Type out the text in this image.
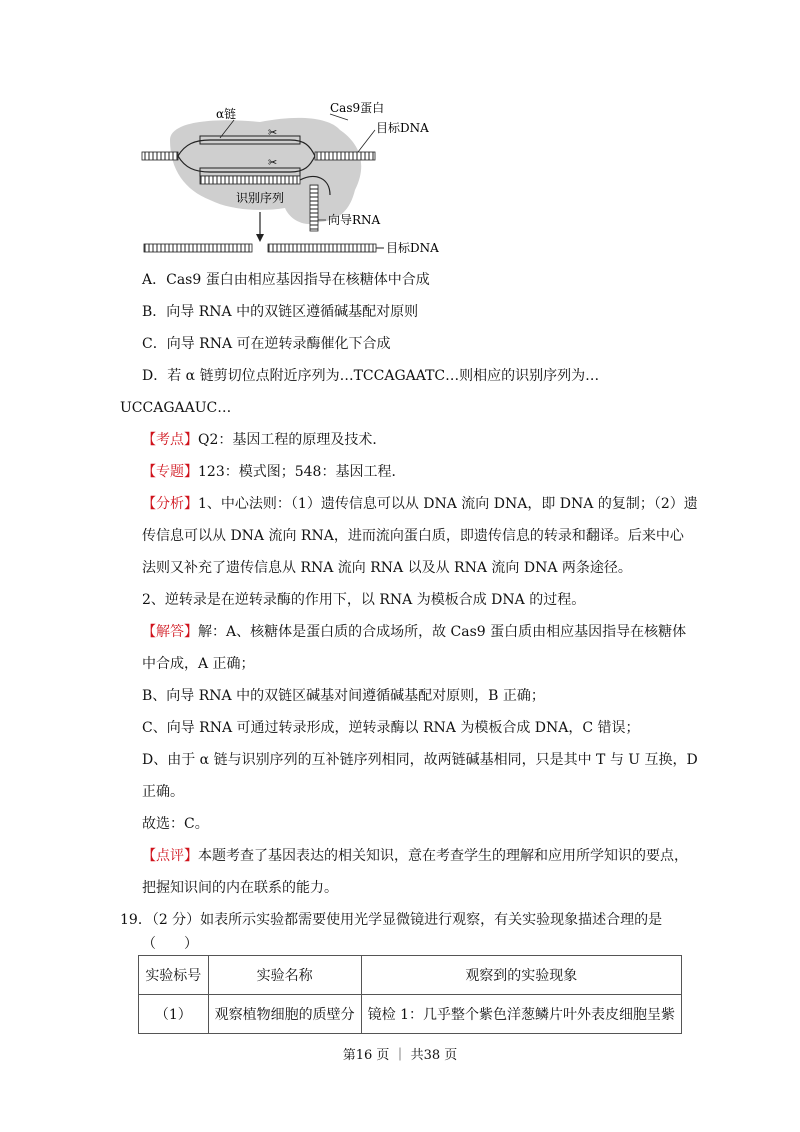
✂
✂
α链	Cas9蛋白
目标DNA
识别序列
向导RNA
目标DNA
A．Cas9 蛋白由相应基因指导在核糖体中合成
B．向导 RNA 中的双链区遵循碱基配对原则
C．向导 RNA 可在逆转录酶催化下合成
D．若 α 链剪切位点附近序列为…TCCAGAATC…则相应的识别序列为…
UCCAGAAUC…
【考点】Q2：基因工程的原理及技术．
【专题】123：模式图；548：基因工程．
【分析】1、中心法则：（1）遗传信息可以从 DNA 流向 DNA，即 DNA 的复制；（2）遗
传信息可以从 DNA 流向 RNA，进而流向蛋白质，即遗传信息的转录和翻译。后来中心
法则又补充了遗传信息从 RNA 流向 RNA 以及从 RNA 流向 DNA 两条途径。
2、逆转录是在逆转录酶的作用下，以 RNA 为模板合成 DNA 的过程。
【解答】解：A、核糖体是蛋白质的合成场所，故 Cas9 蛋白质由相应基因指导在核糖体
中合成，A 正确；
B、向导 RNA 中的双链区碱基对间遵循碱基配对原则，B 正确；
C、向导 RNA 可通过转录形成，逆转录酶以 RNA 为模板合成 DNA，C 错误；
D、由于 α 链与识别序列的互补链序列相同，故两链碱基相同，只是其中 T 与 U 互换，D
正确。
故选：C。
【点评】本题考查了基因表达的相关知识，意在考查学生的理解和应用所学知识的要点，
把握知识间的内在联系的能力。
19．（2 分）如表所示实验都需要使用光学显微镜进行观察，有关实验现象描述合理的是
（　　）
实验标号	实验名称	观察到的实验现象
（1）	观察植物细胞的质壁分	镜检 1：几乎整个紫色洋葱鳞片叶外表皮细胞呈紫
第16 页 ｜ 共38 页
